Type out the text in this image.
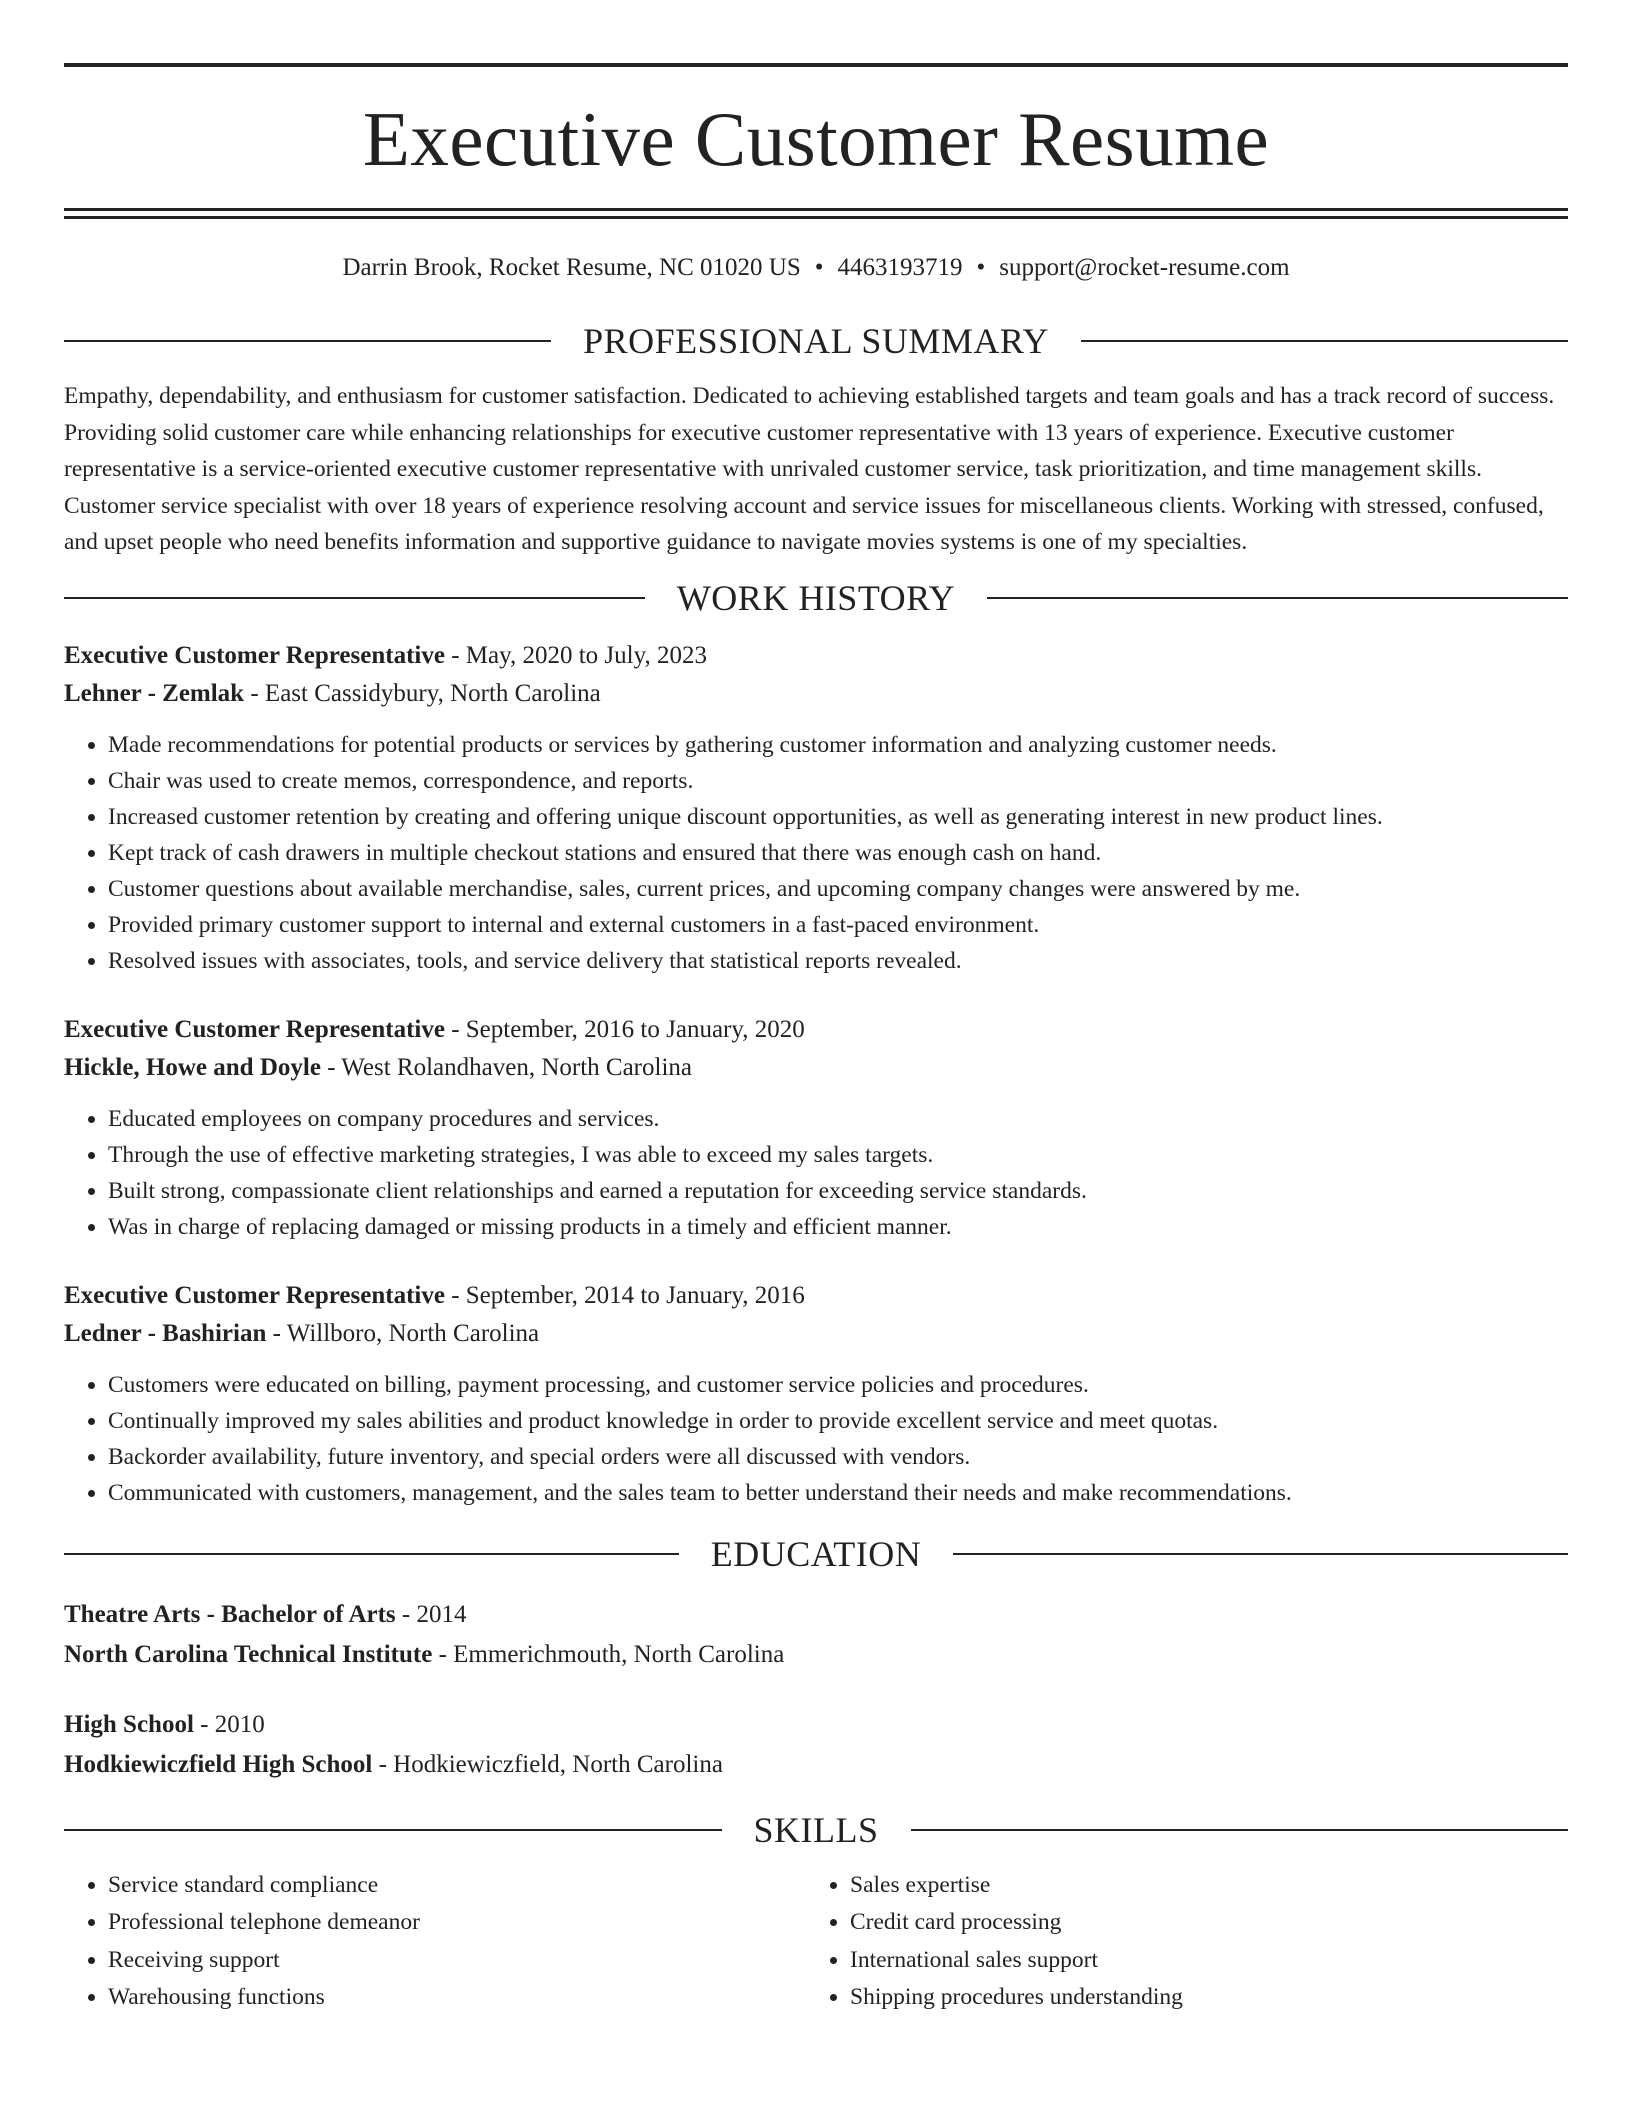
Executive Customer Resume
Darrin Brook, Rocket Resume, NC 01020 US • 4463193719 • support@rocket-resume.com
PROFESSIONAL SUMMARY

Empathy, dependability, and enthusiasm for customer satisfaction. Dedicated to achieving established targets and team goals and has a track record of success. Providing solid customer care while enhancing relationships for executive customer representative with 13 years of experience. Executive customer representative is a service-oriented executive customer representative with unrivaled customer service, task prioritization, and time management skills. Customer service specialist with over 18 years of experience resolving account and service issues for miscellaneous clients. Working with stressed, confused, and upset people who need benefits information and supportive guidance to navigate movies systems is one of my specialties.

WORK HISTORY
Executive Customer Representative - May, 2020 to July, 2023
Lehner - Zemlak - East Cassidybury, North Carolina
• Made recommendations for potential products or services by gathering customer information and analyzing customer needs.
• Chair was used to create memos, correspondence, and reports.
• Increased customer retention by creating and offering unique discount opportunities, as well as generating interest in new product lines.
• Kept track of cash drawers in multiple checkout stations and ensured that there was enough cash on hand.
• Customer questions about available merchandise, sales, current prices, and upcoming company changes were answered by me.
• Provided primary customer support to internal and external customers in a fast-paced environment.
• Resolved issues with associates, tools, and service delivery that statistical reports revealed.
Executive Customer Representative - September, 2016 to January, 2020
Hickle, Howe and Doyle - West Rolandhaven, North Carolina
• Educated employees on company procedures and services.
• Through the use of effective marketing strategies, I was able to exceed my sales targets.
• Built strong, compassionate client relationships and earned a reputation for exceeding service standards.
• Was in charge of replacing damaged or missing products in a timely and efficient manner.
Executive Customer Representative - September, 2014 to January, 2016
Ledner - Bashirian - Willboro, North Carolina
• Customers were educated on billing, payment processing, and customer service policies and procedures.
• Continually improved my sales abilities and product knowledge in order to provide excellent service and meet quotas.
• Backorder availability, future inventory, and special orders were all discussed with vendors.
• Communicated with customers, management, and the sales team to better understand their needs and make recommendations.
EDUCATION
Theatre Arts - Bachelor of Arts - 2014
North Carolina Technical Institute - Emmerichmouth, North Carolina
High School - 2010
Hodkiewiczfield High School - Hodkiewiczfield, North Carolina
SKILLS
• Service standard compliance
• Professional telephone demeanor
• Receiving support
• Warehousing functions
• Sales expertise
• Credit card processing
• International sales support
• Shipping procedures understanding
